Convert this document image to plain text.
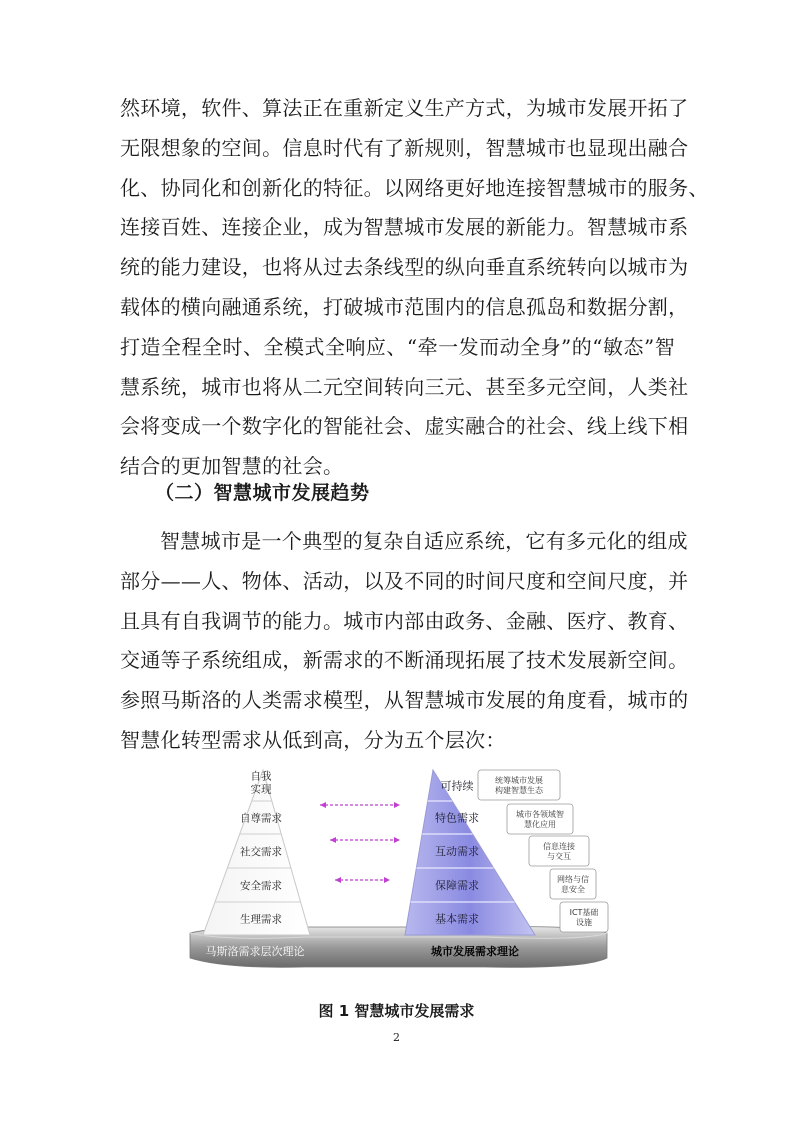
然环境，软件、算法正在重新定义生产方式，为城市发展开拓了
无限想象的空间。信息时代有了新规则，智慧城市也显现出融合
化、协同化和创新化的特征。以网络更好地连接智慧城市的服务、
连接百姓、连接企业，成为智慧城市发展的新能力。智慧城市系
统的能力建设，也将从过去条线型的纵向垂直系统转向以城市为
载体的横向融通系统，打破城市范围内的信息孤岛和数据分割，
打造全程全时、全模式全响应、“牵一发而动全身”的“敏态”智
慧系统，城市也将从二元空间转向三元、甚至多元空间，人类社
会将变成一个数字化的智能社会、虚实融合的社会、线上线下相
结合的更加智慧的社会。
（二）智慧城市发展趋势
智慧城市是一个典型的复杂自适应系统，它有多元化的组成
部分——人、物体、活动，以及不同的时间尺度和空间尺度，并
且具有自我调节的能力。城市内部由政务、金融、医疗、教育、
交通等子系统组成，新需求的不断涌现拓展了技术发展新空间。
参照马斯洛的人类需求模型，从智慧城市发展的角度看，城市的
智慧化转型需求从低到高，分为五个层次：
自我实现
自尊需求
社交需求
安全需求
生理需求
可持续
特色需求
互动需求
保障需求
基本需求
统筹城市发展构建智慧生态
城市各领域智慧化应用
信息连接与交互
网络与信息安全
ICT基础设施
马斯洛需求层次理论	城市发展需求理论
图 1 智慧城市发展需求
2
